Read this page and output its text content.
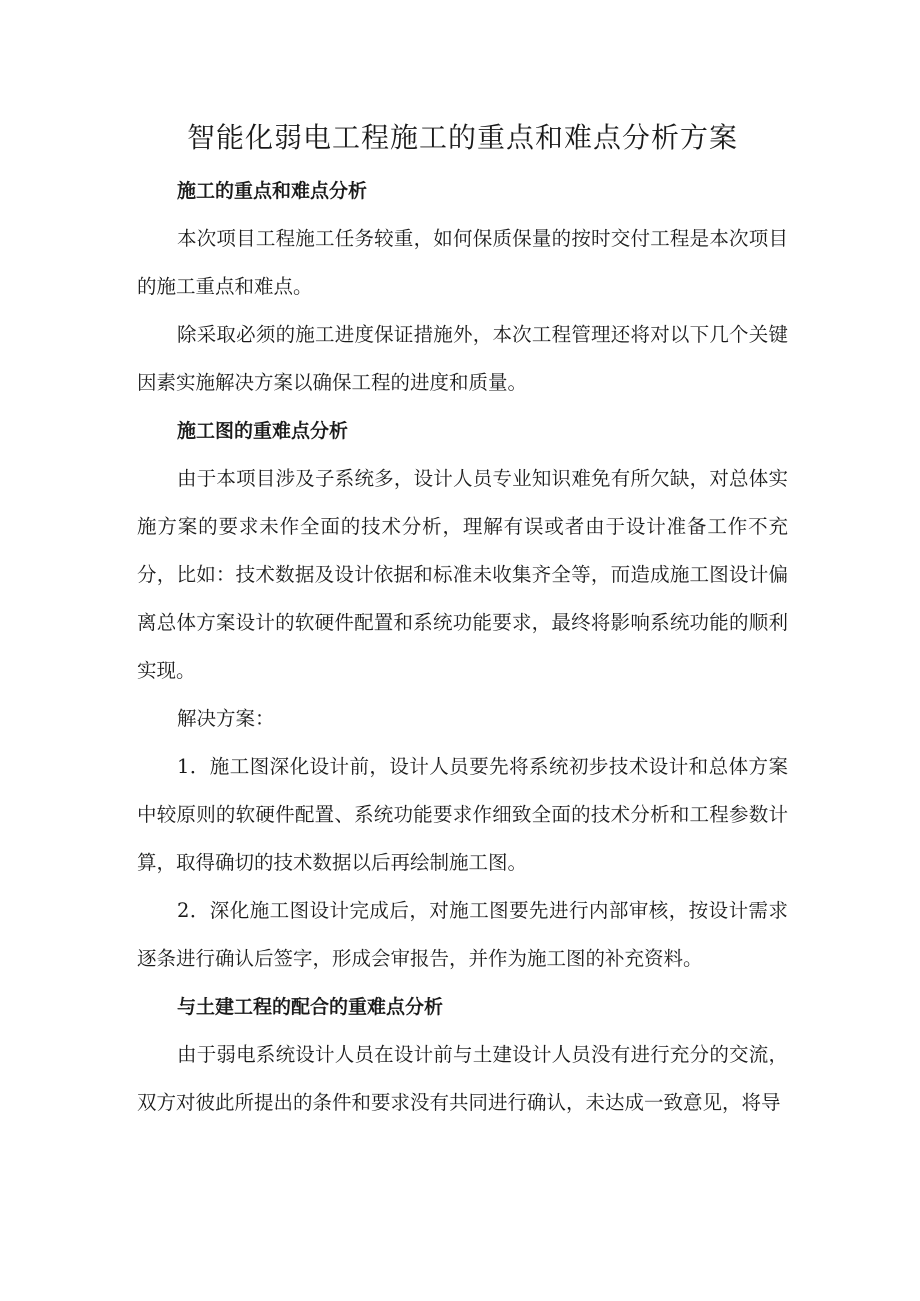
智能化弱电工程施工的重点和难点分析方案

施工的重点和难点分析

本次项目工程施工任务较重，如何保质保量的按时交付工程是本次项目的施工重点和难点。

除采取必须的施工进度保证措施外，本次工程管理还将对以下几个关键因素实施解决方案以确保工程的进度和质量。

施工图的重难点分析

由于本项目涉及子系统多，设计人员专业知识难免有所欠缺，对总体实施方案的要求未作全面的技术分析，理解有误或者由于设计准备工作不充分，比如：技术数据及设计依据和标准未收集齐全等，而造成施工图设计偏离总体方案设计的软硬件配置和系统功能要求，最终将影响系统功能的顺利实现。

解决方案：

1．施工图深化设计前，设计人员要先将系统初步技术设计和总体方案中较原则的软硬件配置、系统功能要求作细致全面的技术分析和工程参数计算，取得确切的技术数据以后再绘制施工图。

2．深化施工图设计完成后，对施工图要先进行内部审核，按设计需求逐条进行确认后签字，形成会审报告，并作为施工图的补充资料。

与土建工程的配合的重难点分析

由于弱电系统设计人员在设计前与土建设计人员没有进行充分的交流，双方对彼此所提出的条件和要求没有共同进行确认，未达成一致意见，将导
